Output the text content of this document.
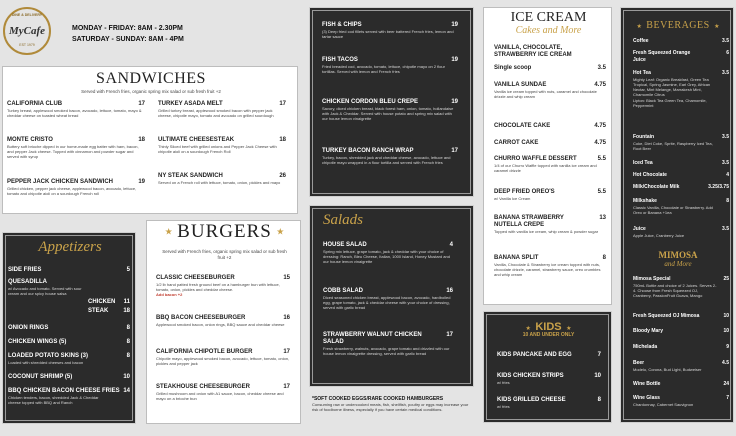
DINE & DELIVERY
MyCafe
EST 1979
MONDAY - FRIDAY: 8AM - 2.30PM
SATURDAY - SUNDAY: 8AM - 4PM
SANDWICHES
Served with French fries, organic spring mix salad or sub fresh fruit +2
CALIFORNIA CLUB	17
Turkey breast, applewood smoked bacon, avocado, lettuce, tomato, mayo & cheddar cheese on toasted wheat bread
MONTE CRISTO	18
Buttery soft brioche dipped in our home-made egg batter with ham, bacon, and pepper Jack cheese. Topped with cinnamon and powder sugar and served with syrup
PEPPER JACK CHICKEN SANDWICH	19
Grilled chicken, pepper jack cheese, applewood bacon, avocado, lettuce, tomato and chipotle aioli on a sourdough French roll
TURKEY ASADA MELT	17
Grilled turkey breast, applewood smoked bacon with pepper jack cheese, chipotle mayo, tomato and avocado on grilled sourdough
ULTIMATE CHEESESTEAK	18
Thinly Sliced beef with grilled onions and Pepper Jack Cheese with chipotle aioli on a sourdough French Roll
NY STEAK SANDWICH	26
Served on a French roll with lettuce, tomato, onion, pickles and mayo
Appetizers
SIDE FRIES	5
QUESADILLA
w/ Avocado and tomato. Served with sour cream and our spicy house salsa
CHICKEN	11
STEAK	18
ONION RINGS	8
CHICKEN WINGS (5)	8
LOADED POTATO SKINS (3)	8
Loaded with shredded cheeses and bacon
COCONUT SHRIMP (5)	10
BBQ CHICKEN BACON CHEESE FRIES 14
Chicken tenders, bacon, shredded Jack & Cheddar cheese topped with BBQ and Ranch
★ BURGERS ★
Served with French fries, organic spring mix salad or sub fresh fruit +2
CLASSIC CHEESEBURGER	15
1/2 lb hand patted fresh ground beef on a hamburger bun with lettuce, tomato, onion, pickles and cheddar cheese.
Add bacon +2
BBQ BACON CHEESEBURGER	16
Applewood smoked bacon, onion rings, BBQ sauce and cheddar cheese
CALIFORNIA CHIPOTLE BURGER	17
Chipotle mayo, applewood smoked bacon, avocado, lettuce, tomato, onion, pickles and pepper jack
STEAKHOUSE CHEESEBURGER	17
Grilled mushroom and onion with A1 sauce, bacon, cheddar cheese and mayo on a brioche bun
FISH & CHIPS	19
(3) Deep fried cod fillets served with beer battered French fries, lemon and tartar sauce
FISH TACOS	19
Fried breaded cod, avocado, tomato, lettuce, chipotle mayo on 2 flour tortillas. Served with lemon and French fries
CHICKEN CORDON BLEU CREPE	19
Savory, diced chicken breast, black forest ham, onion, tomato, hollandaise with Jack & Cheddar. Served with house potato and spring mix salad with our house lemon vinaigrette
TURKEY BACON RANCH WRAP	17
Turkey, bacon, shredded jack and cheddar cheese, avocado, lettuce and chipotle mayo wrapped in a flour tortilla and served with French fries
Salads
HOUSE SALAD	4
Spring mix lettuce, grape tomato, jack & cheddar with your choice of dressing: Ranch, Bleu Cheese, Italian, 1000 Island, Honey Mustard and our house lemon vinaigrette
COBB SALAD	16
Diced seasoned chicken breast, applewood bacon, avocado, hardboiled egg, grape tomato, jack & cheddar cheese with your choice of dressing, served with garlic bread
STRAWBERRY WALNUT CHICKEN SALAD
17
Fresh strawberry, walnuts, avocado, grape tomato and drizzled with our house lemon vinaigrette dressing, served with garlic bread
*SOFT COOKED EGGS/RARE COOKED HAMBURGERS
Consuming raw or undercooked meats, fish, shellfish, poultry or eggs may increase your risk of foodborne illness, especially if you have certain medical conditions.
ICE CREAM
Cakes and More
VANILLA, CHOCOLATE, STRAWBERRY ICE CREAM
Single scoop	3.5
VANILLA SUNDAE	4.75
Vanilla ice cream topped with nuts, caramel and chocolate drizzle and whip cream
CHOCOLATE CAKE	4.75
CARROT CAKE	4.75
CHURRO WAFFLE DESSERT	5.5
1/4 of our Churro Waffle topped with vanilla ice cream and caramel drizzle
DEEP FRIED OREO'S	5.5
w/ Vanilla Ice Cream
BANANA STRAWBERRY NUTELLA CREPE
13
Topped with vanilla ice cream, whip cream & powder sugar
BANANA SPLIT	8
Vanilla, Chocolate & Strawberry ice cream topped with nuts, chocolate drizzle, caramel, strawberry sauce, oreo crumbles and whip cream
★ KIDS ★
10 AND UNDER ONLY
KIDS PANCAKE AND EGG	7
KIDS CHICKEN STRIPS	10
w/ fries
KIDS GRILLED CHEESE	8
w/ fries
★ BEVERAGES ★
Coffee	3.5
Fresh Squeezed Orange Juice
6
Hot Tea	3.5
Mighty Leaf: Organic Breakfast, Green Tea Tropical, Spring Jasmine, Earl Grey, African Nectar, Mint Melange, Marrakesh Mint, Chamomile Citrus
Lipton: Black Tea Green Tea, Chamomile, Peppermint
Fountain	3.5
Coke, Diet Coke, Sprite, Raspberry Iced Tea, Root Beer
Iced Tea	3.5
Hot Chocolate	4
Milk/Chocolate Milk	3.25/3.75
Milkshake	8
Classic Vanilla, Chocolate or Strawberry. Add Oreo or Banana +1ea
Juice	3.5
Apple Juice, Cranberry Juice
MIMOSA
and More
Mimosa Special	25
750mL Bottle and choice of 2 Juices. Serves 2-4. Choose from Fresh Squeezed OJ, Cranberry, PassionFruit Guava, Mango
Fresh Squeezed OJ Mimosa	10
Bloody Mary	10
Michelada	9
Beer	4.5
Modelo, Corona, Bud Light, Budweiser
Wine Bottle	24
Wine Glass	7
Chardonnay, Cabernet Sauvignon
